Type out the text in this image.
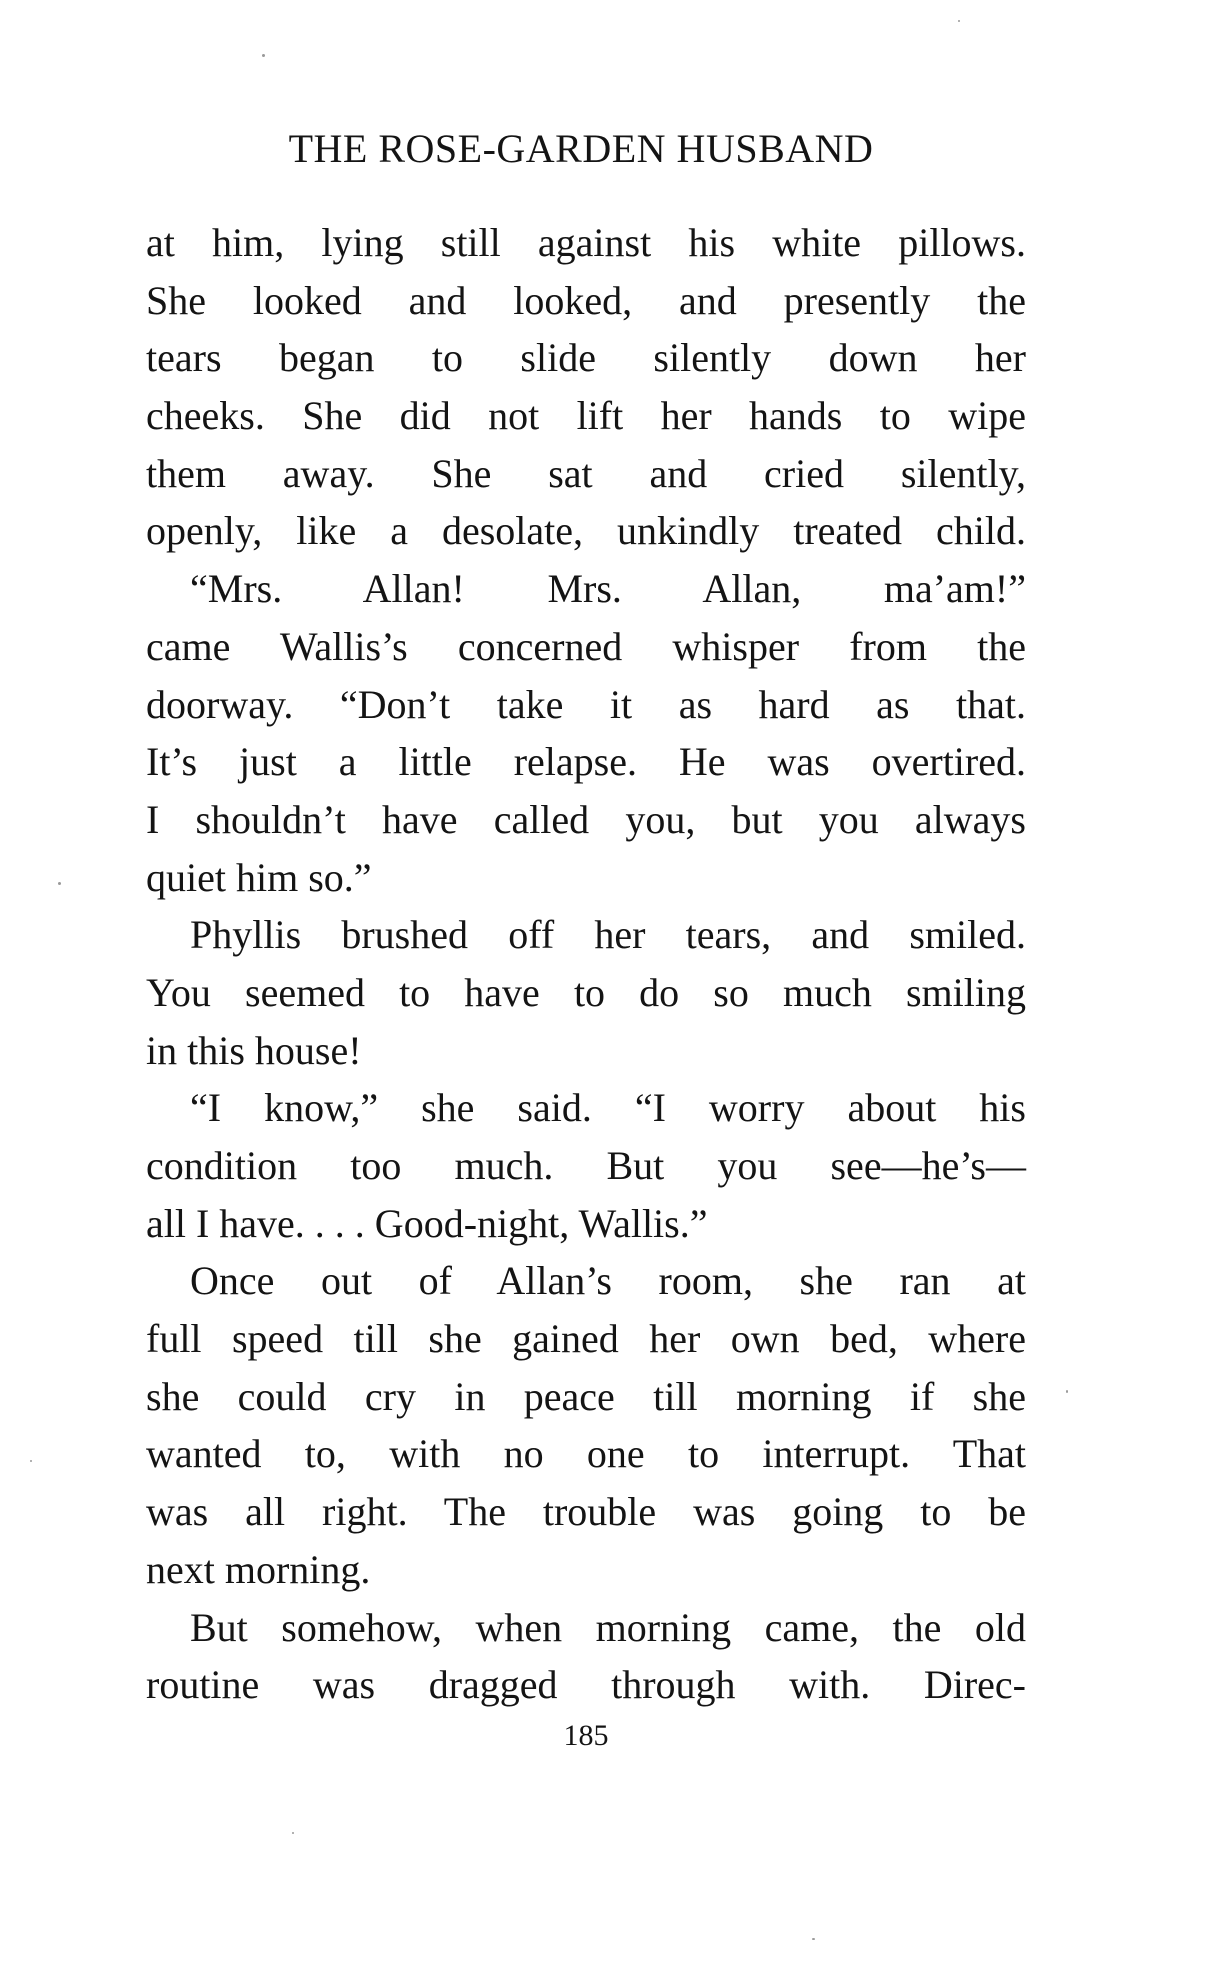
THE ROSE-GARDEN HUSBAND
at him, lying still against his white pillows.
She looked and looked, and presently the
tears began to slide silently down her
cheeks. She did not lift her hands to wipe
them away. She sat and cried silently,
openly, like a desolate, unkindly treated child.
“Mrs. Allan! Mrs. Allan, ma’am!”
came Wallis’s concerned whisper from the
doorway. “Don’t take it as hard as that.
It’s just a little relapse. He was overtired.
I shouldn’t have called you, but you always
quiet him so.”
Phyllis brushed off her tears, and smiled.
You seemed to have to do so much smiling
in this house!
“I know,” she said. “I worry about his
condition too much. But you see—he’s—
all I have. . . . Good-night, Wallis.”
Once out of Allan’s room, she ran at
full speed till she gained her own bed, where
she could cry in peace till morning if she
wanted to, with no one to interrupt. That
was all right. The trouble was going to be
next morning.
But somehow, when morning came, the old
routine was dragged through with. Direc-
185
